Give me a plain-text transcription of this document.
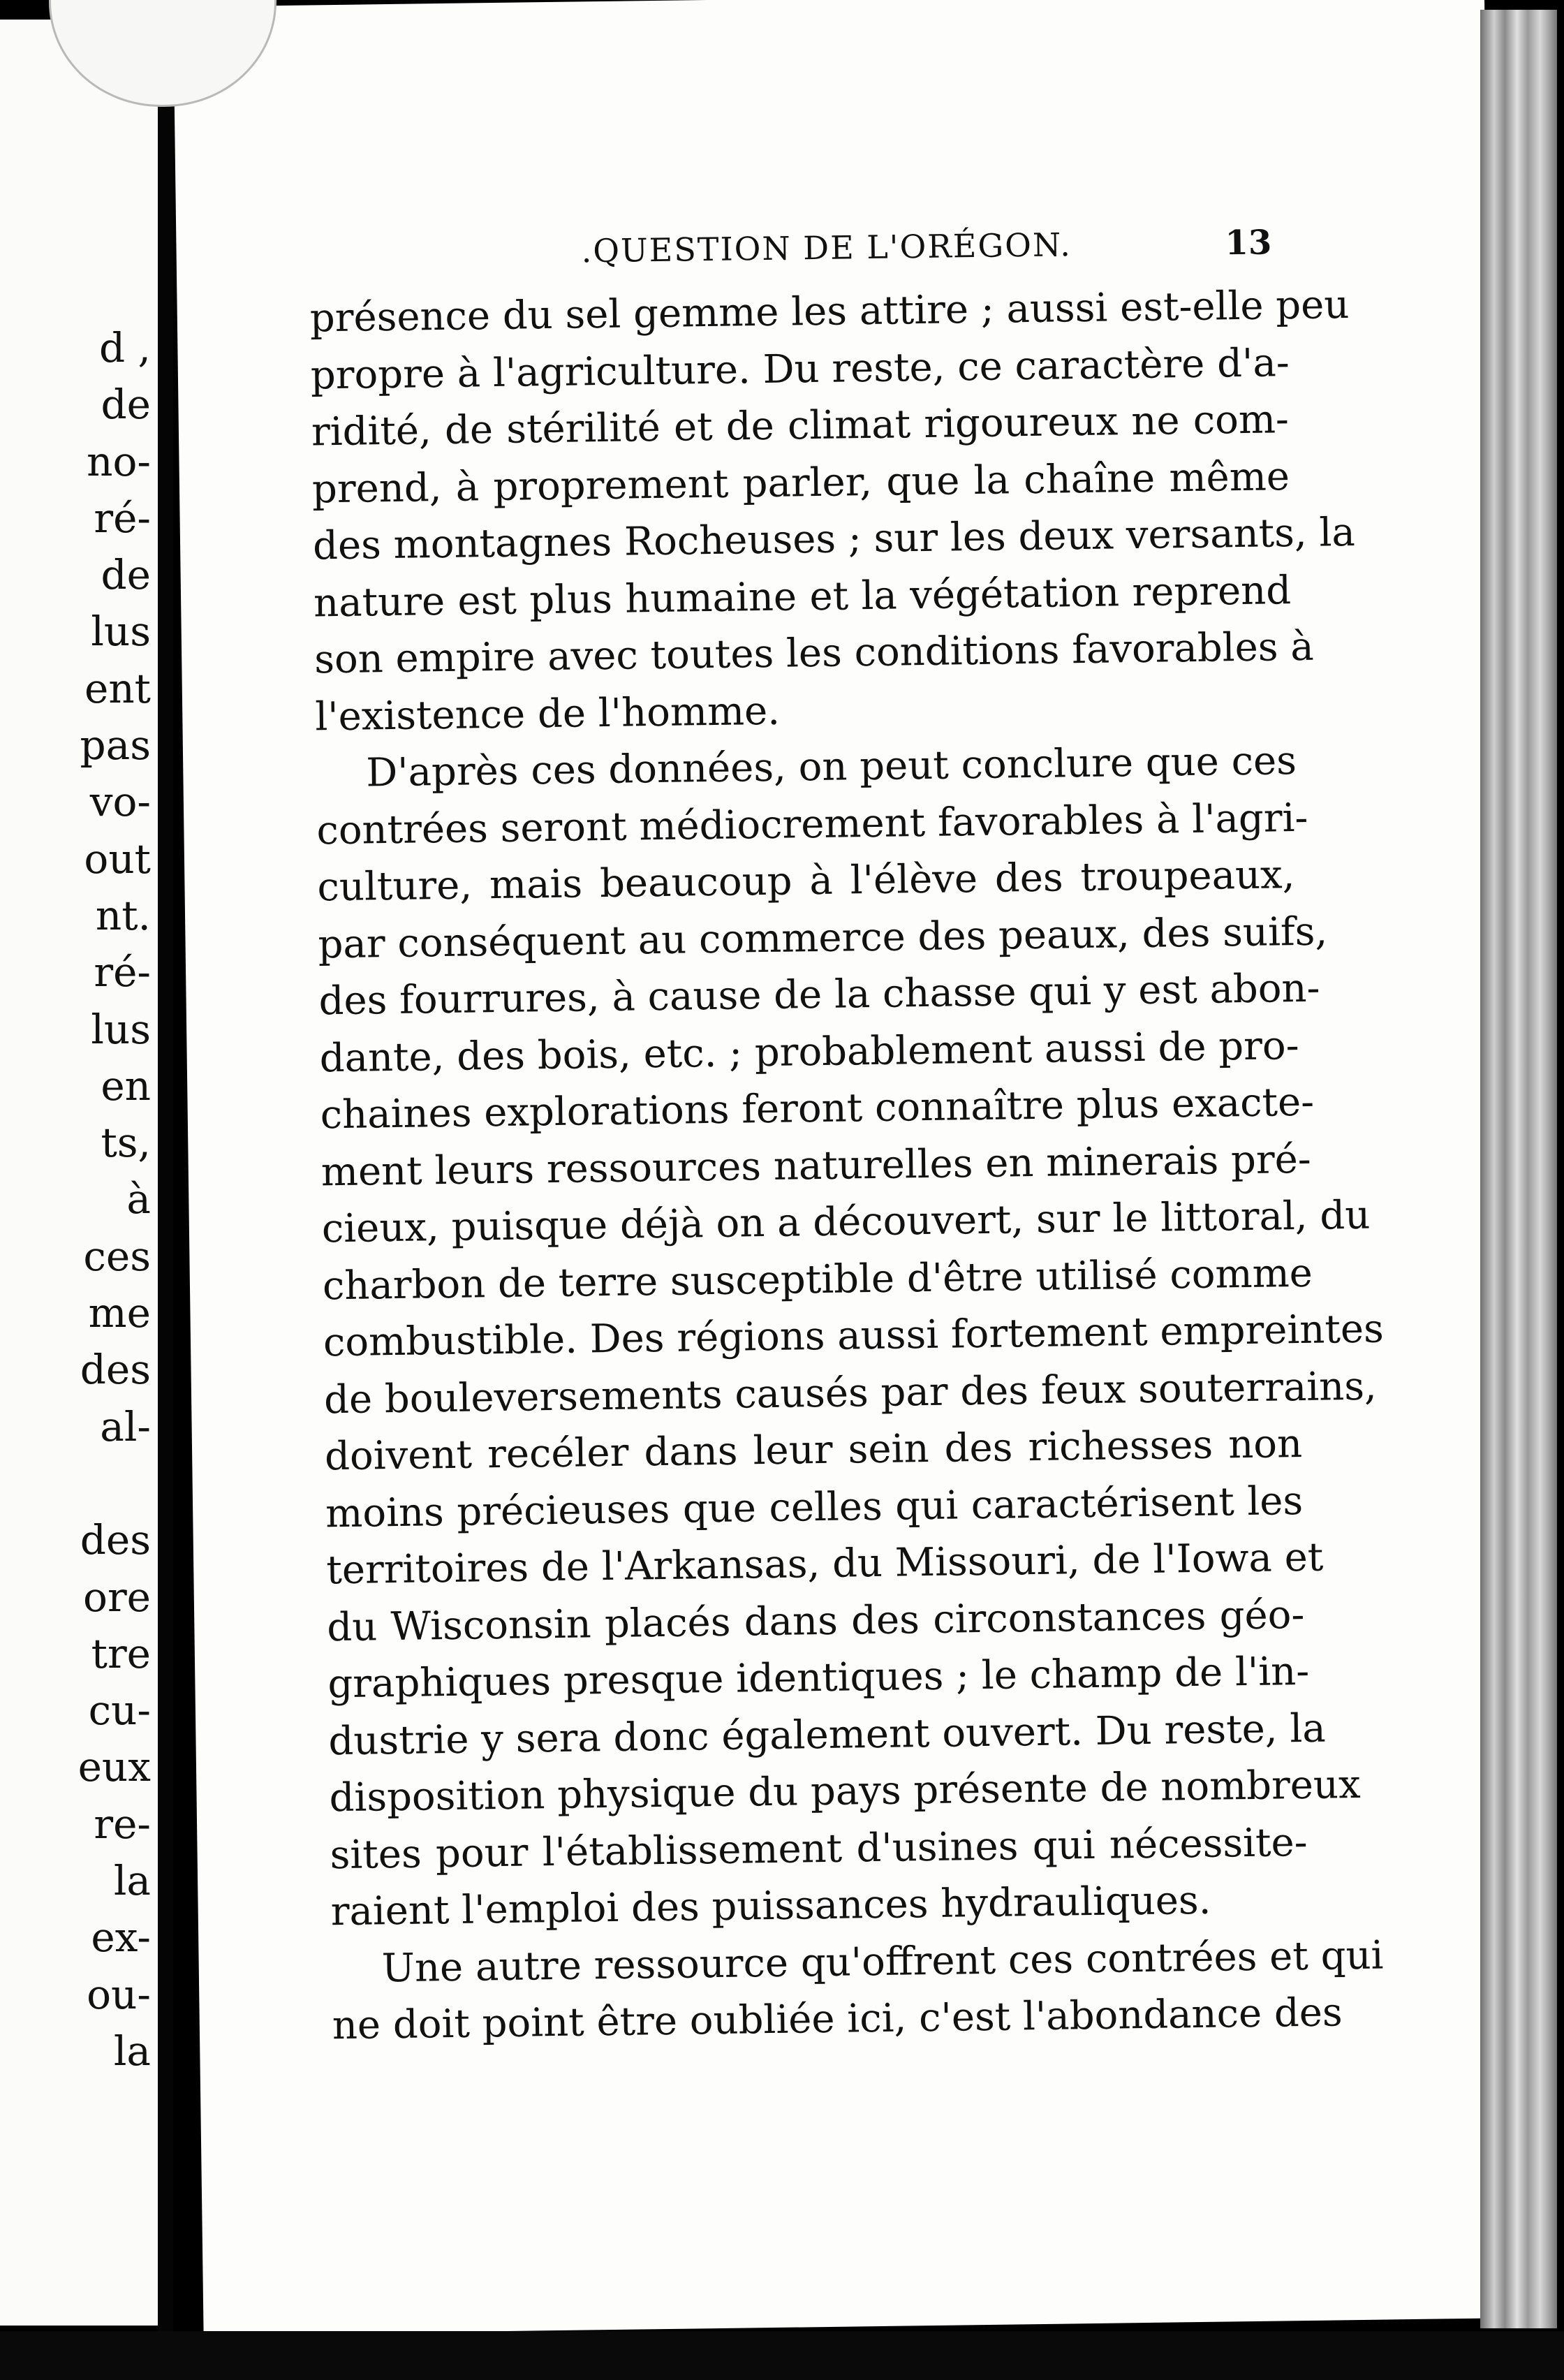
d ,
de
no-
ré-
de
lus
ent
pas
vo-
out
nt.
ré-
lus
en
ts,
à
ces
me
des
al-
des
ore
tre
cu-
eux
re-
la
ex-
ou-
la
.QUESTION DE L'ORÉGON.	13
présence du sel gemme les attire ; aussi est-elle peu
propre à l'agriculture. Du reste, ce caractère d'a-
ridité, de stérilité et de climat rigoureux ne com-
prend, à proprement parler, que la chaîne même
des montagnes Rocheuses ; sur les deux versants, la
nature est plus humaine et la végétation reprend
son empire avec toutes les conditions favorables à
l'existence de l'homme.
D'après ces données, on peut conclure que ces
contrées seront médiocrement favorables à l'agri-
culture, mais beaucoup à l'élève des troupeaux,
par conséquent au commerce des peaux, des suifs,
des fourrures, à cause de la chasse qui y est abon-
dante, des bois, etc. ; probablement aussi de pro-
chaines explorations feront connaître plus exacte-
ment leurs ressources naturelles en minerais pré-
cieux, puisque déjà on a découvert, sur le littoral, du
charbon de terre susceptible d'être utilisé comme
combustible. Des régions aussi fortement empreintes
de bouleversements causés par des feux souterrains,
doivent recéler dans leur sein des richesses non
moins précieuses que celles qui caractérisent les
territoires de l'Arkansas, du Missouri, de l'Iowa et
du Wisconsin placés dans des circonstances géo-
graphiques presque identiques ; le champ de l'in-
dustrie y sera donc également ouvert. Du reste, la
disposition physique du pays présente de nombreux
sites pour l'établissement d'usines qui nécessite-
raient l'emploi des puissances hydrauliques.
Une autre ressource qu'offrent ces contrées et qui
ne doit point être oubliée ici, c'est l'abondance des
